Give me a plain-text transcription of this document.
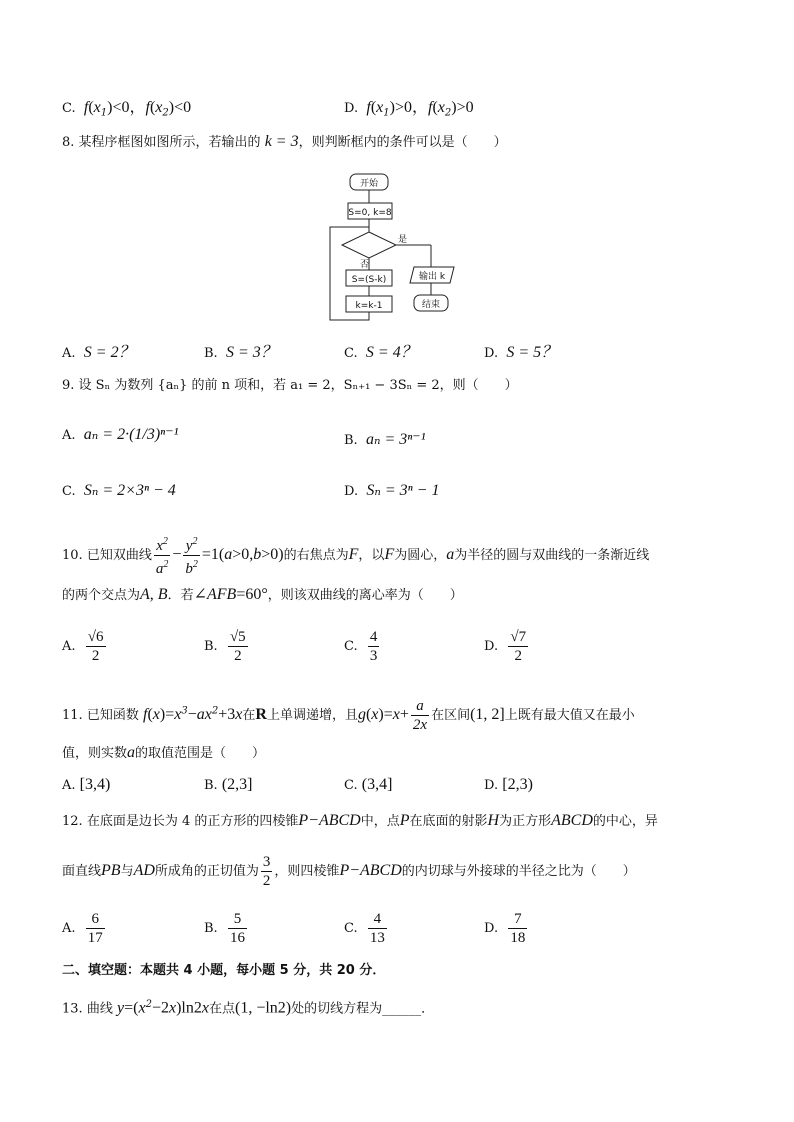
C. $f(x_1)<0$，$f(x_2)<0$	D. $f(x_1)>0$，$f(x_2)>0$
8. 某程序框图如图所示，若输出的 k = 3，则判断框内的条件可以是（　　）
开始
S=0, k=8
是
否
S=(S-k)	输出 k
结束
k=k-1
A. S = 2？	B. S = 3？	C. S = 4？	D. S = 5？
9. 设 Sₙ 为数列 {aₙ} 的前 n 项和，若 a₁ = 2，Sₙ₊₁ − 3Sₙ = 2，则（　　）
A. aₙ = 2·(1/3)ⁿ⁻¹	B. aₙ = 3ⁿ⁻¹
C. Sₙ = 2×3ⁿ − 4	D. Sₙ = 3ⁿ − 1
10. 已知双曲线 $\frac{x^2}{a^2} - \frac{y^2}{b^2} =1(a>0,b>0)$的右焦点为F，以F为圆心，a为半径的圆与双曲线的一条渐近线
的两个交点为A, B．若∠AFB=60°，则该双曲线的离心率为（　　）
A. $\frac{√6}{2}$	B. $\frac{√5}{2}$	C. $\frac{4}{3}$	D. $\frac{√7}{2}$
11. 已知函数 $f(x)=x^3-ax^2+3x$在R上单调递增，且$g(x)=x+ \frac{a}{2x}$ 在区间(1, 2]上既有最大值又在最小
值，则实数a的取值范围是（　　）
A. [3,4)	B. (2,3]	C. (3,4]	D. [2,3)
12. 在底面是边长为 4 的正方形的四棱锥P−ABCD中，点P在底面的射影H为正方形ABCD的中心，异
面直线PB与AD所成角的正切值为 $\frac{3}{2}$ ，则四棱锥P−ABCD的内切球与外接球的半径之比为（　　）
A. $\frac{6}{17}$	B. $\frac{5}{16}$	C. $\frac{4}{13}$	D. $\frac{7}{18}$
二、填空题：本题共 4 小题，每小题 5 分，共 20 分．
13. 曲线 $y=(x^2-2x)\ln 2x$在点(1, −ln2)处的切线方程为______．
